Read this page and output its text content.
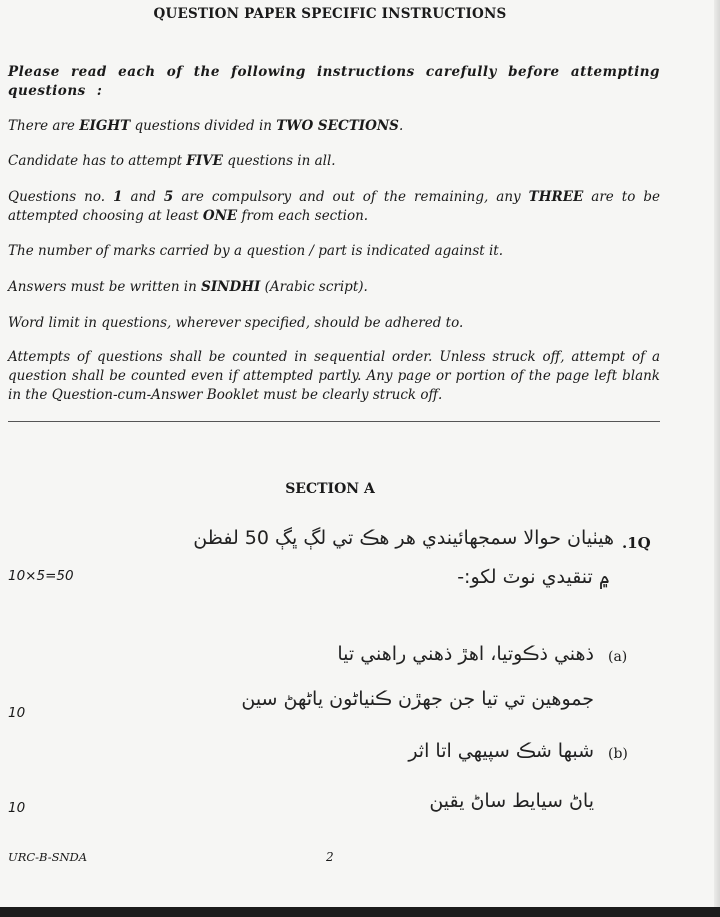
QUESTION PAPER SPECIFIC INSTRUCTIONS
Please read each of the following instructions carefully before attempting questions :
There are EIGHT questions divided in TWO SECTIONS.
Candidate has to attempt FIVE questions in all.
Questions no. 1 and 5 are compulsory and out of the remaining, any THREE are to be attempted choosing at least ONE from each section.
The number of marks carried by a question / part is indicated against it.
Answers must be written in SINDHI (Arabic script).
Word limit in questions, wherever specified, should be adhered to.
Attempts of questions shall be counted in sequential order. Unless struck off, attempt of a question shall be counted even if attempted partly. Any page or portion of the page left blank in the Question-cum-Answer Booklet must be clearly struck off.
SECTION A
.1Q
هيٺيان حوالا سمجھائيندي هر هڪ تي لڳ ڀڳ 50 لفظن
10×5=50	۾ تنقيدي نوٽ لکو:-
(a)
ذهني ذڪوتيا، اهڙ ذهني راهني تيا
جموهين تي تيا جن جهڙن ڪنياڻون ياڻهڻ سين
10
(b)
شبها شڪ سپيهي اتا اثر
ياڻ سيايط ساڻ يقين
10
URC-B-SNDA	2
